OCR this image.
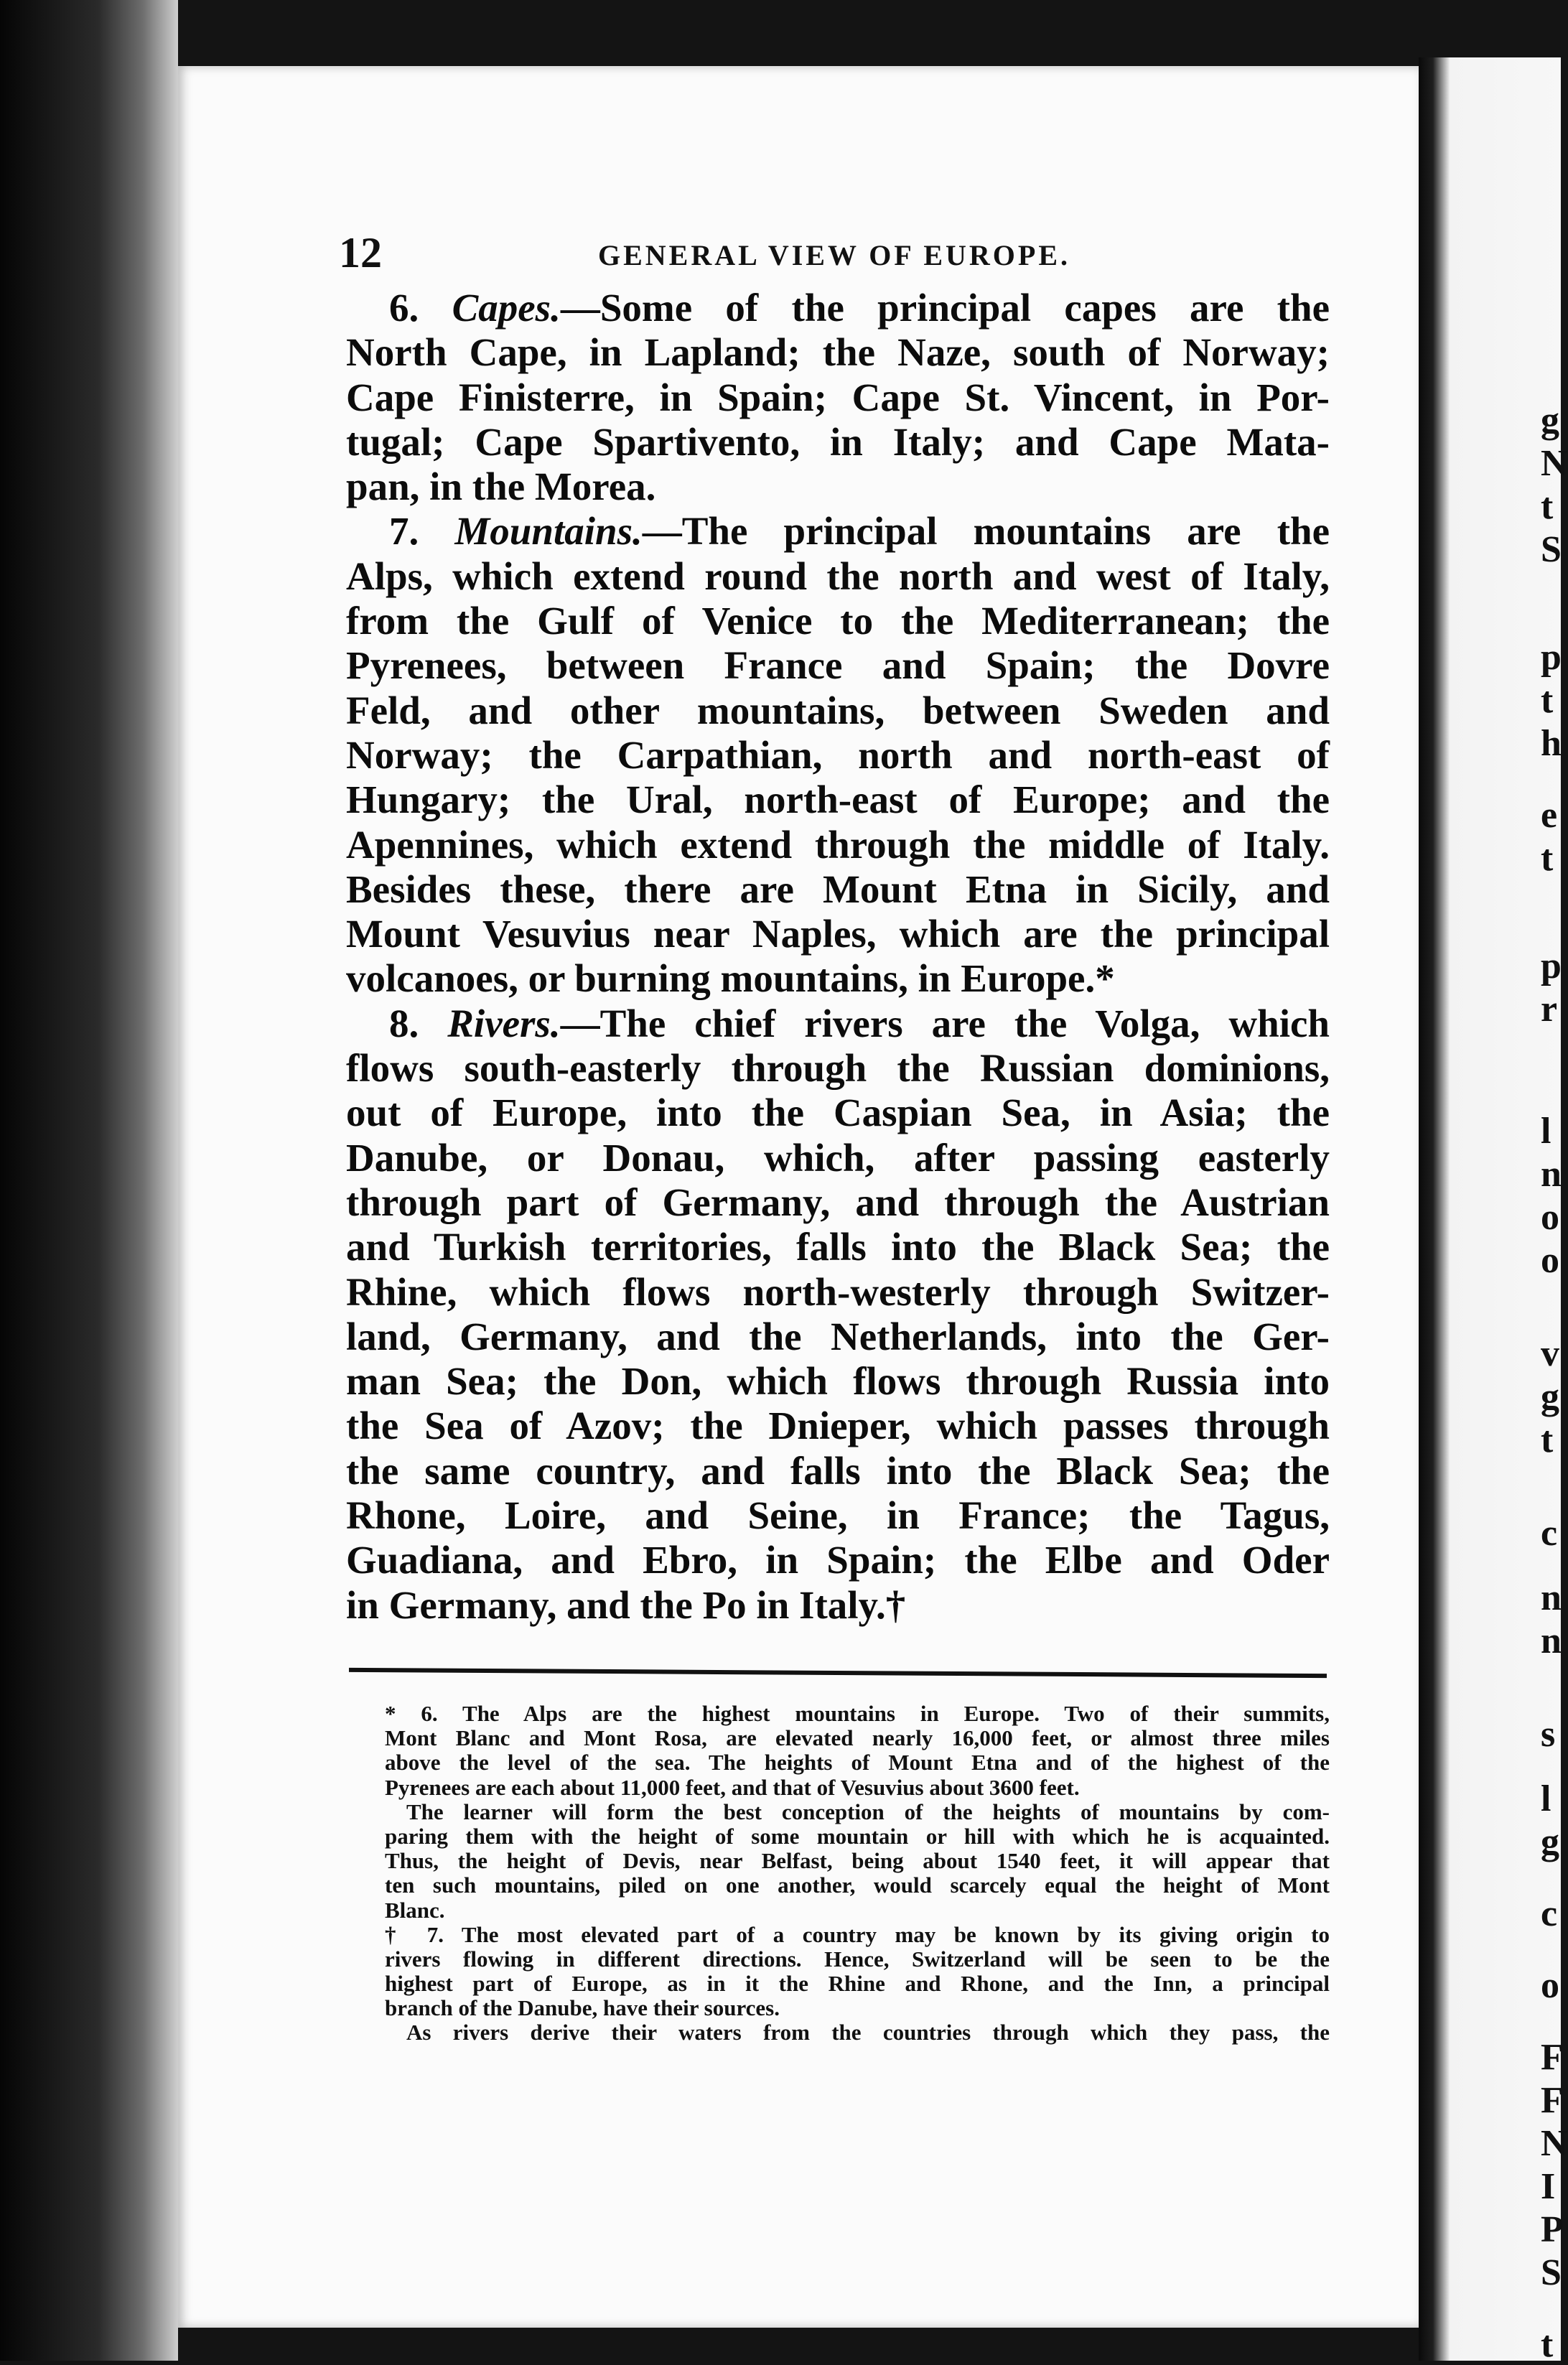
g
N
t
S
p
t
h
e
t
p
r
l
n
o
o
v
g
t
c
n
n
s
l
g
c
o
F
F
N
I
P
S
t
12	GENERAL VIEW OF EUROPE.
6. Capes.—Some of the principal capes are the
North Cape, in Lapland; the Naze, south of Norway;
Cape Finisterre, in Spain; Cape St. Vincent, in Por-
tugal; Cape Spartivento, in Italy; and Cape Mata-
pan, in the Morea.
7. Mountains.—The principal mountains are the
Alps, which extend round the north and west of Italy,
from the Gulf of Venice to the Mediterranean; the
Pyrenees, between France and Spain; the Dovre
Feld, and other mountains, between Sweden and
Norway; the Carpathian, north and north-east of
Hungary; the Ural, north-east of Europe; and the
Apennines, which extend through the middle of Italy.
Besides these, there are Mount Etna in Sicily, and
Mount Vesuvius near Naples, which are the principal
volcanoes, or burning mountains, in Europe.*
8. Rivers.—The chief rivers are the Volga, which
flows south-easterly through the Russian dominions,
out of Europe, into the Caspian Sea, in Asia; the
Danube, or Donau, which, after passing easterly
through part of Germany, and through the Austrian
and Turkish territories, falls into the Black Sea; the
Rhine, which flows north-westerly through Switzer-
land, Germany, and the Netherlands, into the Ger-
man Sea; the Don, which flows through Russia into
the Sea of Azov; the Dnieper, which passes through
the same country, and falls into the Black Sea; the
Rhone, Loire, and Seine, in France; the Tagus,
Guadiana, and Ebro, in Spain; the Elbe and Oder
in Germany, and the Po in Italy.†
* 6. The Alps are the highest mountains in Europe. Two of their summits,
Mont Blanc and Mont Rosa, are elevated nearly 16,000 feet, or almost three miles
above the level of the sea. The heights of Mount Etna and of the highest of the
Pyrenees are each about 11,000 feet, and that of Vesuvius about 3600 feet.
The learner will form the best conception of the heights of mountains by com-
paring them with the height of some mountain or hill with which he is acquainted.
Thus, the height of Devis, near Belfast, being about 1540 feet, it will appear that
ten such mountains, piled on one another, would scarcely equal the height of Mont
Blanc.
† 7. The most elevated part of a country may be known by its giving origin to
rivers flowing in different directions. Hence, Switzerland will be seen to be the
highest part of Europe, as in it the Rhine and Rhone, and the Inn, a principal
branch of the Danube, have their sources.
As rivers derive their waters from the countries through which they pass, the
